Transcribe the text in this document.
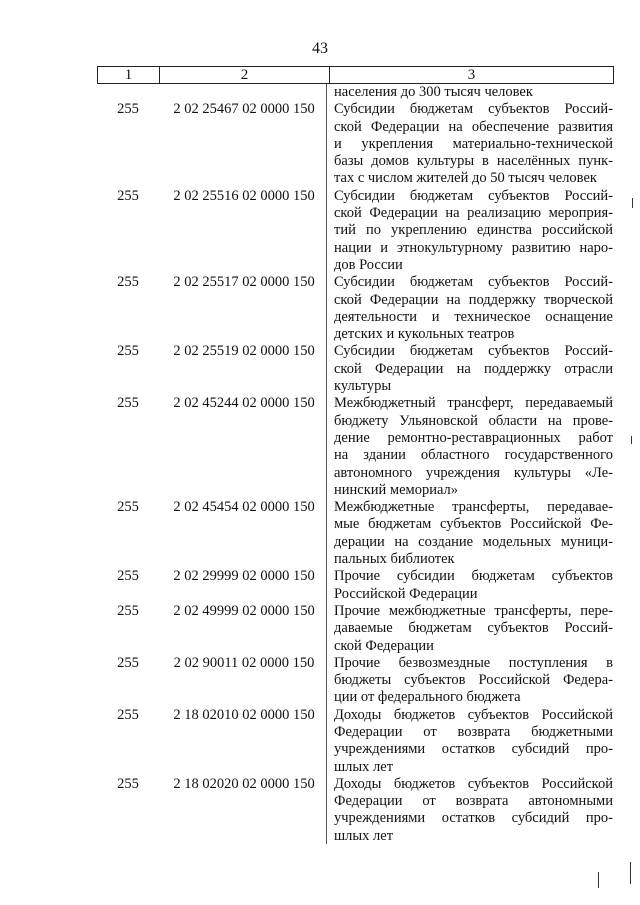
43
1	2	3
населения до 300 тысяч человек
255	2 02 25467 02 0000 150	Субсидии бюджетам субъектов Россий-
ской Федерации на обеспечение развития
и укрепления материально-технической
базы домов культуры в населённых пунк-
тах с числом жителей до 50 тысяч человек
255	2 02 25516 02 0000 150	Субсидии бюджетам субъектов Россий-
ской Федерации на реализацию мероприя-
тий по укреплению единства российской
нации и этнокультурному развитию наро-
дов России
255	2 02 25517 02 0000 150	Субсидии бюджетам субъектов Россий-
ской Федерации на поддержку творческой
деятельности и техническое оснащение
детских и кукольных театров
255	2 02 25519 02 0000 150	Субсидии бюджетам субъектов Россий-
ской Федерации на поддержку отрасли
культуры
255	2 02 45244 02 0000 150	Межбюджетный трансферт, передаваемый
бюджету Ульяновской области на прове-
дение ремонтно-реставрационных работ
на здании областного государственного
автономного учреждения культуры «Ле-
нинский мемориал»
255	2 02 45454 02 0000 150	Межбюджетные трансферты, передавае-
мые бюджетам субъектов Российской Фе-
дерации на создание модельных муници-
пальных библиотек
255	2 02 29999 02 0000 150	Прочие субсидии бюджетам субъектов
Российской Федерации
255	2 02 49999 02 0000 150	Прочие межбюджетные трансферты, пере-
даваемые бюджетам субъектов Россий-
ской Федерации
255	2 02 90011 02 0000 150	Прочие безвозмездные поступления в
бюджеты субъектов Российской Федера-
ции от федерального бюджета
255	2 18 02010 02 0000 150	Доходы бюджетов субъектов Российской
Федерации от возврата бюджетными
учреждениями остатков субсидий про-
шлых лет
255	2 18 02020 02 0000 150	Доходы бюджетов субъектов Российской
Федерации от возврата автономными
учреждениями остатков субсидий про-
шлых лет
